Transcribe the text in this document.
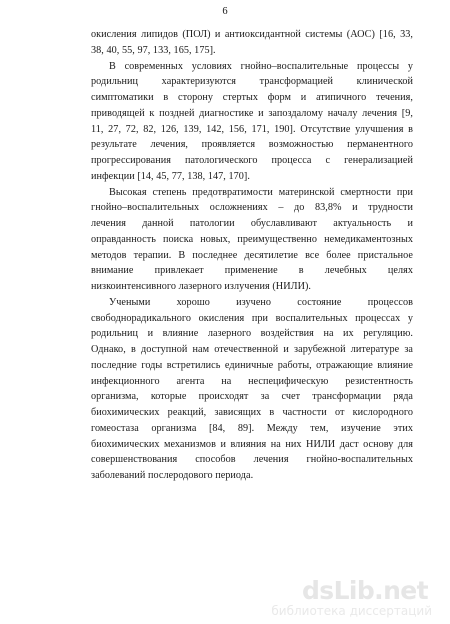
6
окисления липидов (ПОЛ) и антиоксидантной системы (АОС) [16, 33,
38, 40, 55, 97, 133, 165, 175].
В современных условиях гнойно–воспалительные процессы у
родильниц характеризуются трансформацией клинической
симптоматики в сторону стертых форм и атипичного течения,
приводящей к поздней диагностике и запоздалому началу лечения [9,
11, 27, 72, 82, 126, 139, 142, 156, 171, 190]. Отсутствие улучшения в
результате лечения, проявляется возможностью перманентного
прогрессирования патологического процесса с генерализацией
инфекции [14, 45, 77, 138, 147, 170].
Высокая степень предотвратимости материнской смертности при
гнойно–воспалительных осложнениях – до 83,8% и трудности
лечения данной патологии обуславливают актуальность и
оправданность поиска новых, преимущественно немедикаментозных
методов терапии. В последнее десятилетие все более пристальное
внимание привлекает применение в лечебных целях
низкоинтенсивного лазерного излучения (НИЛИ).
Учеными хорошо изучено состояние процессов
свободнорадикального окисления при воспалительных процессах у
родильниц и влияние лазерного воздействия на их регуляцию.
Однако, в доступной нам отечественной и зарубежной литературе за
последние годы встретились единичные работы, отражающие влияние
инфекционного агента на неспецифическую резистентность
организма, которые происходят за счет трансформации ряда
биохимических реакций, зависящих в частности от кислородного
гомеостаза организма [84, 89]. Между тем, изучение этих
биохимических механизмов и влияния на них НИЛИ даст основу для
совершенствования способов лечения гнойно-воспалительных
заболеваний послеродового периода.
dsLib.net
библиотека диссертаций
